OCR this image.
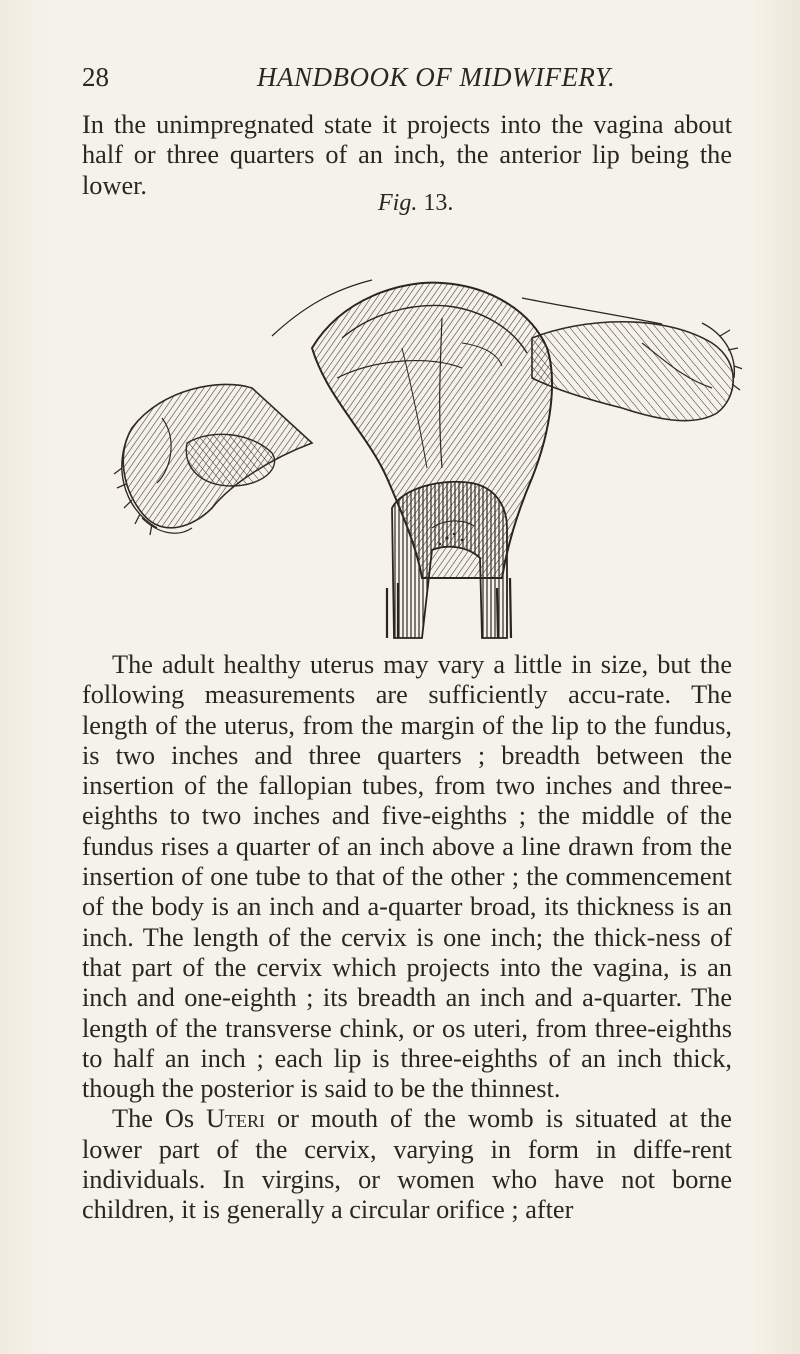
28	HANDBOOK OF MIDWIFERY.

In the unimpregnated state it projects into the vagina about half or three quarters of an inch, the anterior lip being the lower.

Fig. 13.

The adult healthy uterus may vary a little in size, but the following measurements are sufficiently accu-rate. The length of the uterus, from the margin of the lip to the fundus, is two inches and three quarters ; breadth between the insertion of the fallopian tubes, from two inches and three-eighths to two inches and five-eighths ; the middle of the fundus rises a quarter of an inch above a line drawn from the insertion of one tube to that of the other ; the commencement of the body is an inch and a-quarter broad, its thickness is an inch. The length of the cervix is one inch; the thick-ness of that part of the cervix which projects into the vagina, is an inch and one-eighth ; its breadth an inch and a-quarter. The length of the transverse chink, or os uteri, from three-eighths to half an inch ; each lip is three-eighths of an inch thick, though the posterior is said to be the thinnest.

The Os Uteri or mouth of the womb is situated at the lower part of the cervix, varying in form in diffe-rent individuals. In virgins, or women who have not borne children, it is generally a circular orifice ; after
